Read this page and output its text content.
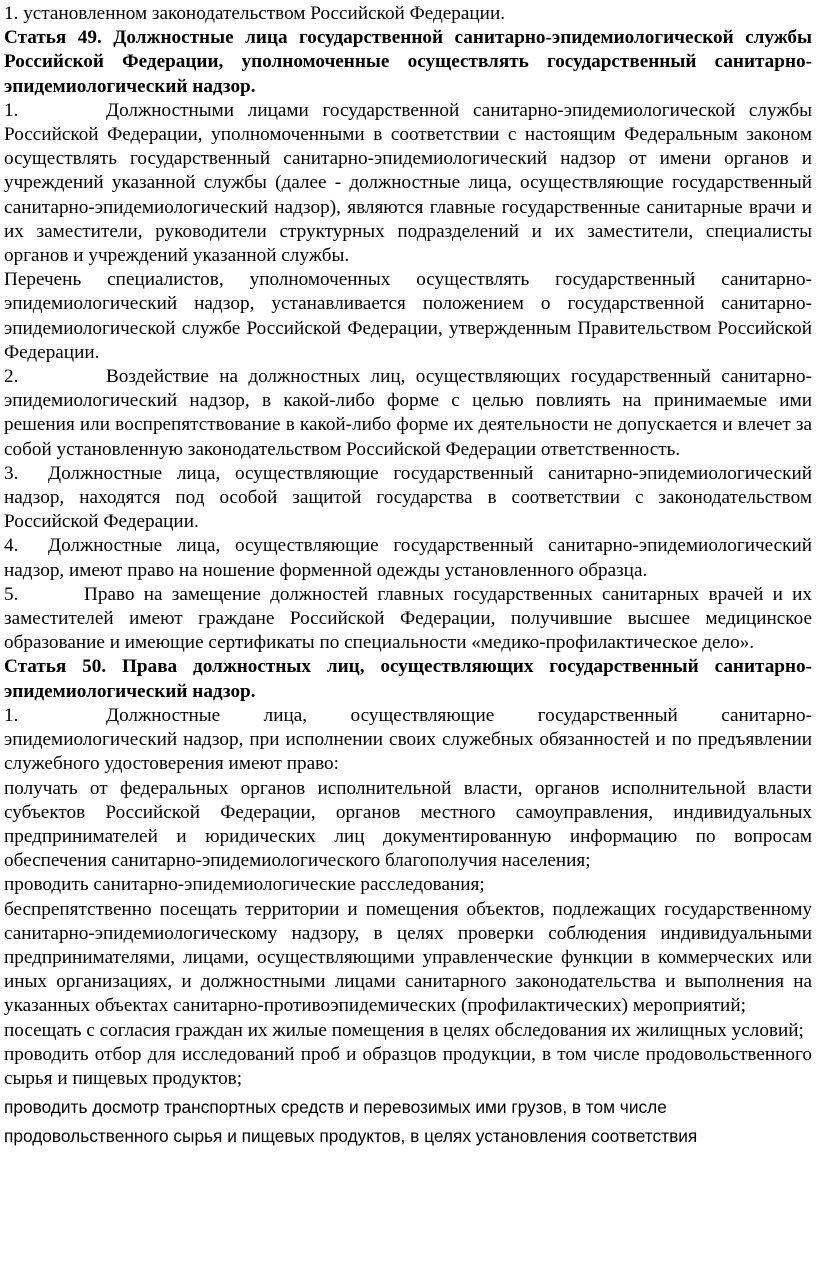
1. установленном законодательством Российской Федерации.

Статья 49. Должностные лица государственной санитарно-эпидемиологической службы Российской Федерации, уполномоченные осуществлять государственный санитарно-эпидемиологический надзор.

1.	Должностными лицами государственной санитарно-эпидемиологической службы Российской Федерации, уполномоченными в соответствии с настоящим Федеральным законом осуществлять государственный санитарно-эпидемиологический надзор от имени органов и учреждений указанной службы (далее - должностные лица, осуществляющие государственный санитарно-эпидемиологический надзор), являются главные государственные санитарные врачи и их заместители, руководители структурных подразделений и их заместители, специалисты органов и учреждений указанной службы.

Перечень специалистов, уполномоченных осуществлять государственный санитарно-эпидемиологический надзор, устанавливается положением о государственной санитарно-эпидемиологической службе Российской Федерации, утвержденным Правительством Российской Федерации.

2.	Воздействие на должностных лиц, осуществляющих государственный санитарно-эпидемиологический надзор, в какой-либо форме с целью повлиять на принимаемые ими решения или воспрепятствование в какой-либо форме их деятельности не допускается и влечет за собой установленную законодательством Российской Федерации ответственность.

3. Должностные лица, осуществляющие государственный санитарно-эпидемиологический надзор, находятся под особой защитой государства в соответствии с законодательством Российской Федерации.

4. Должностные лица, осуществляющие государственный санитарно-эпидемиологический надзор, имеют право на ношение форменной одежды установленного образца.

5.	Право на замещение должностей главных государственных санитарных врачей и их заместителей имеют граждане Российской Федерации, получившие высшее медицинское образование и имеющие сертификаты по специальности «медико-профилактическое дело».

Статья 50. Права должностных лиц, осуществляющих государственный санитарно-эпидемиологический надзор.

1.	Должностные лица, осуществляющие государственный санитарно-эпидемиологический надзор, при исполнении своих служебных обязанностей и по предъявлении служебного удостоверения имеют право:

получать от федеральных органов исполнительной власти, органов исполнительной власти субъектов Российской Федерации, органов местного самоуправления, индивидуальных предпринимателей и юридических лиц документированную информацию по вопросам обеспечения санитарно-эпидемиологического благополучия населения;

проводить санитарно-эпидемиологические расследования;

беспрепятственно посещать территории и помещения объектов, подлежащих государственному санитарно-эпидемиологическому надзору, в целях проверки соблюдения индивидуальными предпринимателями, лицами, осуществляющими управленческие функции в коммерческих или иных организациях, и должностными лицами санитарного законодательства и выполнения на указанных объектах санитарно-противоэпидемических (профилактических) мероприятий;

посещать с согласия граждан их жилые помещения в целях обследования их жилищных условий;

проводить отбор для исследований проб и образцов продукции, в том числе продовольственного сырья и пищевых продуктов;

проводить досмотр транспортных средств и перевозимых ими грузов, в том числе
продовольственного сырья и пищевых продуктов, в целях установления соответствия
